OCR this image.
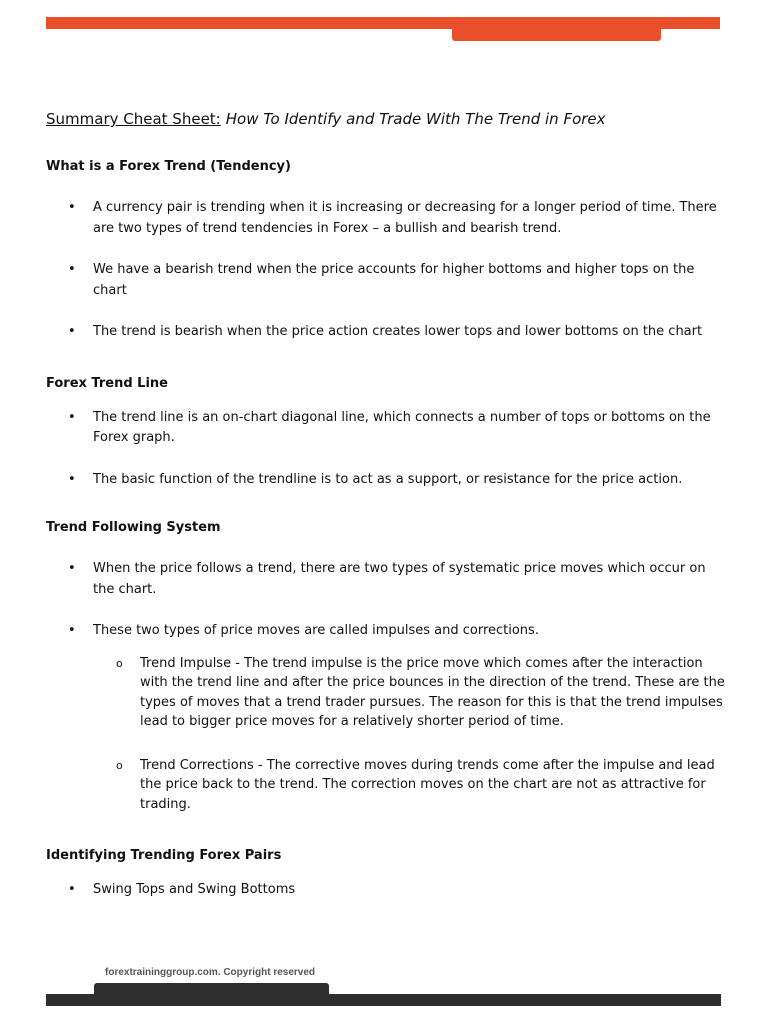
Summary Cheat Sheet: How To Identify and Trade With The Trend in Forex
What is a Forex Trend (Tendency)
• A currency pair is trending when it is increasing or decreasing for a longer period of time. There are two types of trend tendencies in Forex – a bullish and bearish trend.
• We have a bearish trend when the price accounts for higher bottoms and higher tops on the chart
• The trend is bearish when the price action creates lower tops and lower bottoms on the chart
Forex Trend Line
• The trend line is an on-chart diagonal line, which connects a number of tops or bottoms on the Forex graph.
• The basic function of the trendline is to act as a support, or resistance for the price action.
Trend Following System
• When the price follows a trend, there are two types of systematic price moves which occur on the chart.
• These two types of price moves are called impulses and corrections.
o Trend Impulse - The trend impulse is the price move which comes after the interaction with the trend line and after the price bounces in the direction of the trend. These are the types of moves that a trend trader pursues. The reason for this is that the trend impulses lead to bigger price moves for a relatively shorter period of time.
o Trend Corrections - The corrective moves during trends come after the impulse and lead the price back to the trend. The correction moves on the chart are not as attractive for trading.
Identifying Trending Forex Pairs
• Swing Tops and Swing Bottoms
forextraininggroup.com. Copyright reserved
